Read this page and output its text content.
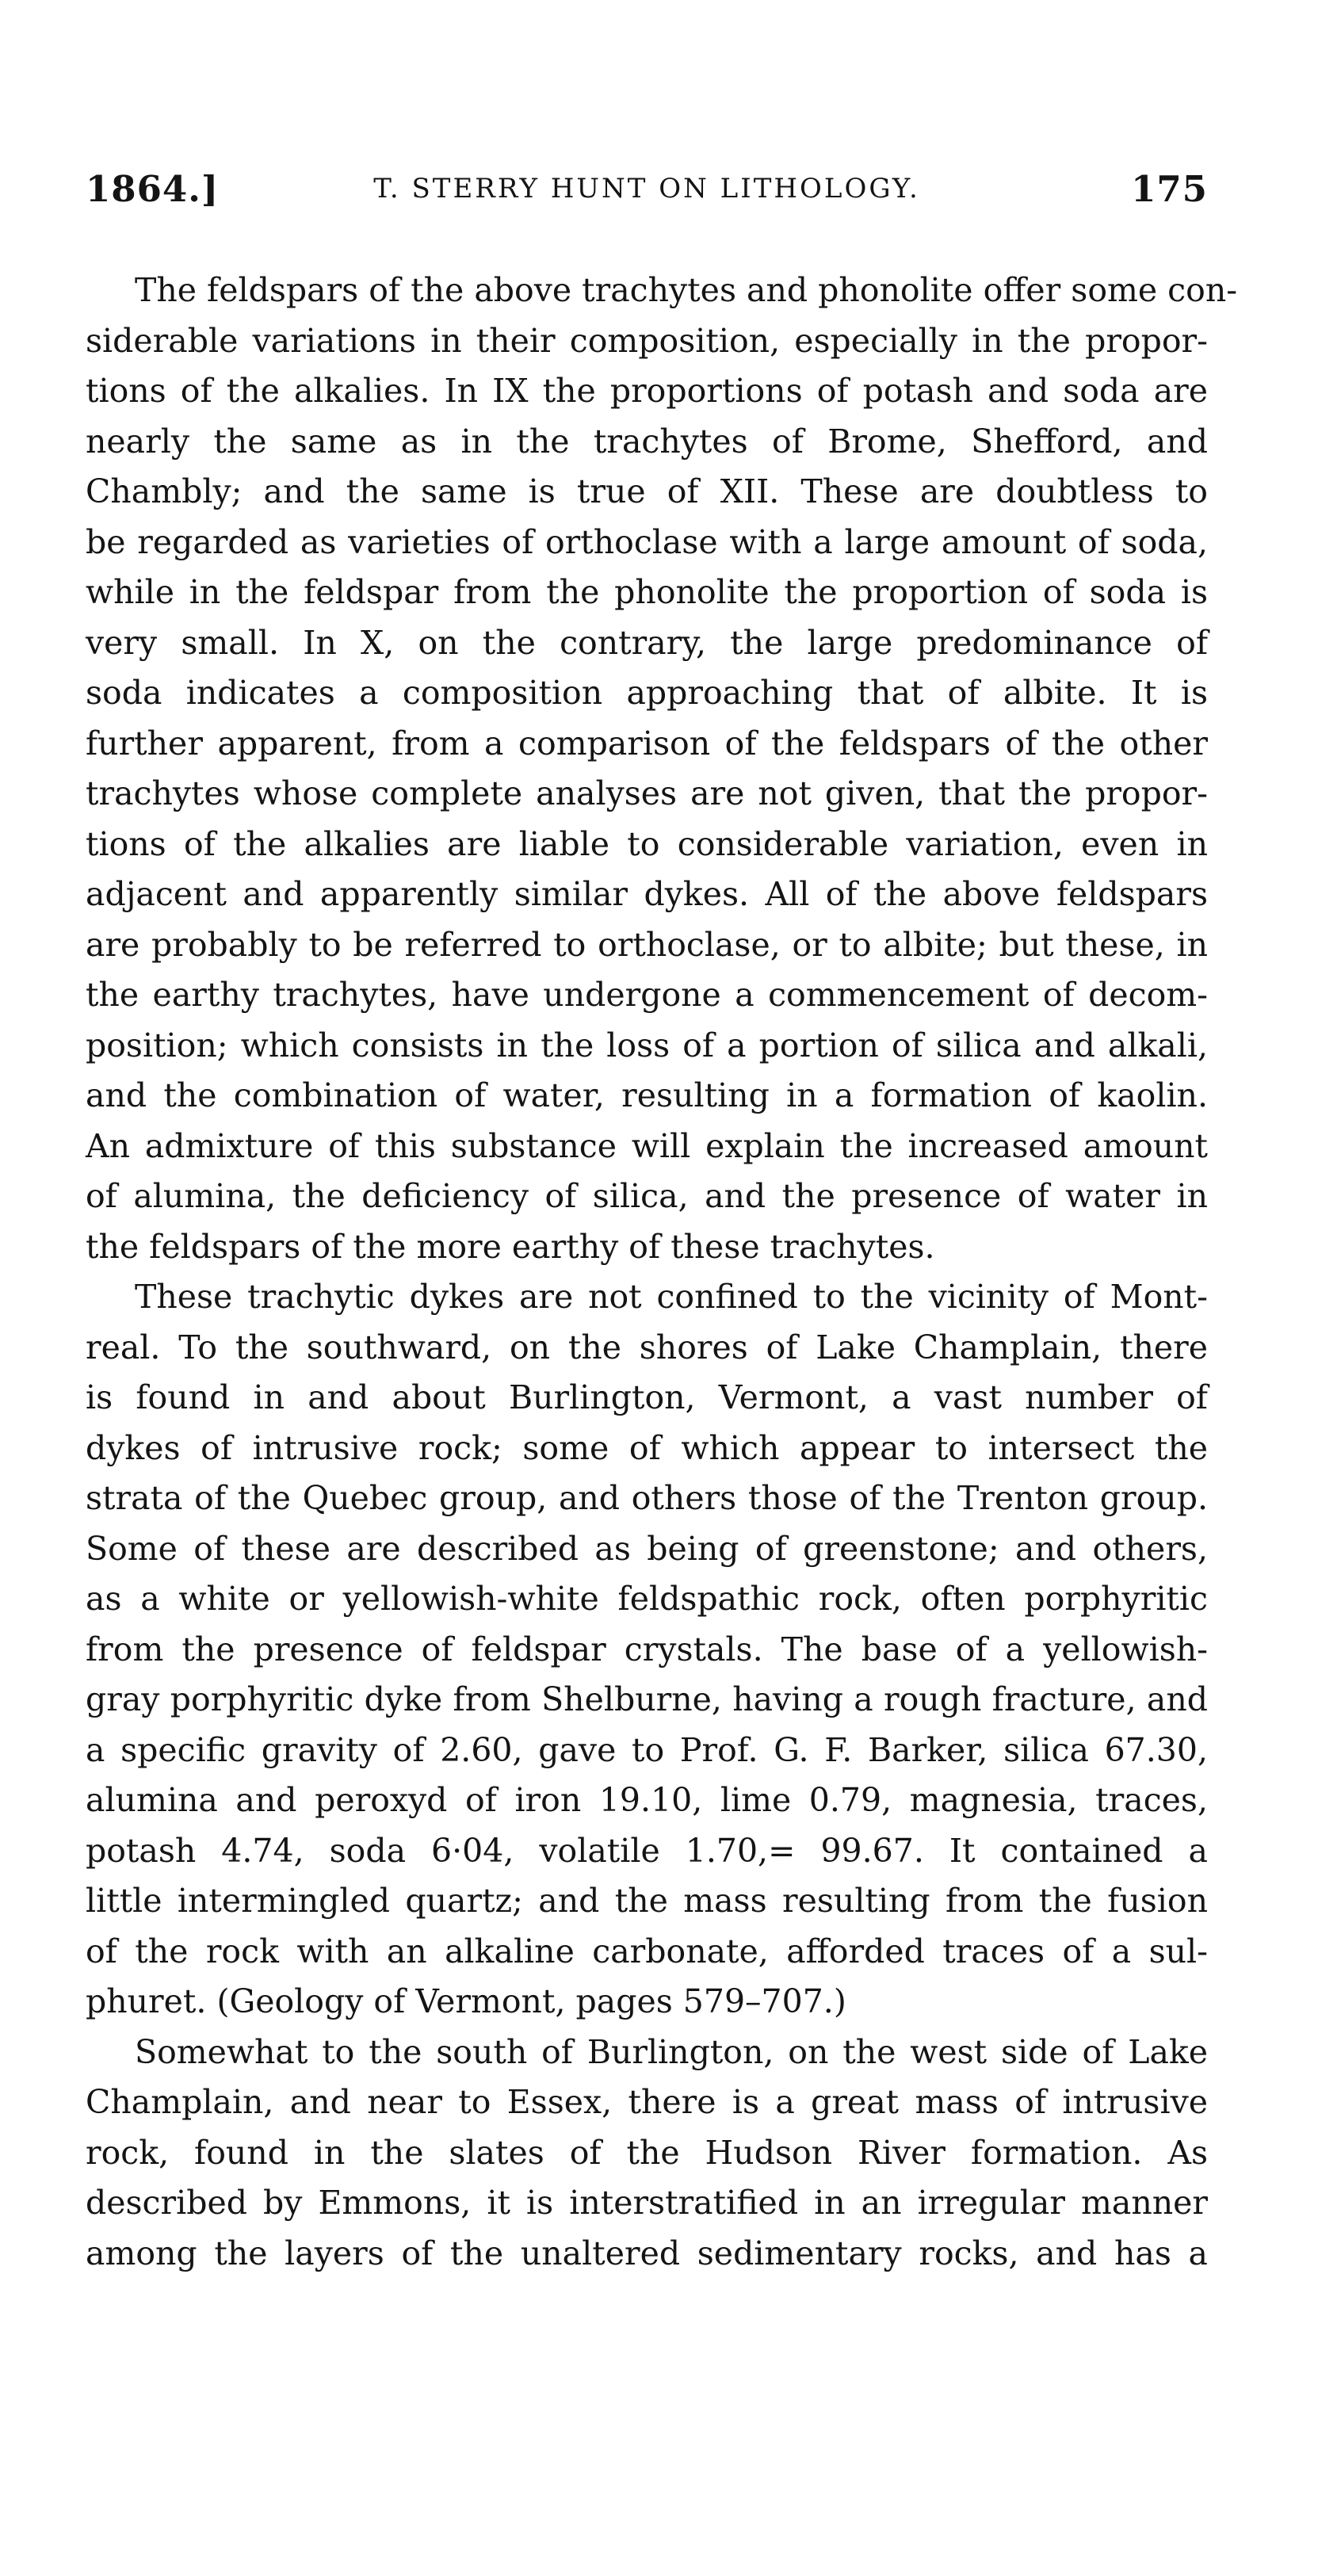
1864.]	T. STERRY HUNT ON LITHOLOGY.	175
The feldspars of the above trachytes and phonolite offer some con-
siderable variations in their composition, especially in the propor-
tions of the alkalies. In IX the proportions of potash and soda are
nearly the same as in the trachytes of Brome, Shefford, and
Chambly; and the same is true of XII. These are doubtless to
be regarded as varieties of orthoclase with a large amount of soda,
while in the feldspar from the phonolite the proportion of soda is
very small. In X, on the contrary, the large predominance of
soda indicates a composition approaching that of albite. It is
further apparent, from a comparison of the feldspars of the other
trachytes whose complete analyses are not given, that the propor-
tions of the alkalies are liable to considerable variation, even in
adjacent and apparently similar dykes. All of the above feldspars
are probably to be referred to orthoclase, or to albite; but these, in
the earthy trachytes, have undergone a commencement of decom-
position; which consists in the loss of a portion of silica and alkali,
and the combination of water, resulting in a formation of kaolin.
An admixture of this substance will explain the increased amount
of alumina, the deficiency of silica, and the presence of water in
the feldspars of the more earthy of these trachytes.
These trachytic dykes are not confined to the vicinity of Mont-
real. To the southward, on the shores of Lake Champlain, there
is found in and about Burlington, Vermont, a vast number of
dykes of intrusive rock; some of which appear to intersect the
strata of the Quebec group, and others those of the Trenton group.
Some of these are described as being of greenstone; and others,
as a white or yellowish-white feldspathic rock, often porphyritic
from the presence of feldspar crystals. The base of a yellowish-
gray porphyritic dyke from Shelburne, having a rough fracture, and
a specific gravity of 2.60, gave to Prof. G. F. Barker, silica 67.30,
alumina and peroxyd of iron 19.10, lime 0.79, magnesia, traces,
potash 4.74, soda 6·04, volatile 1.70,= 99.67. It contained a
little intermingled quartz; and the mass resulting from the fusion
of the rock with an alkaline carbonate, afforded traces of a sul-
phuret. (Geology of Vermont, pages 579–707.)
Somewhat to the south of Burlington, on the west side of Lake
Champlain, and near to Essex, there is a great mass of intrusive
rock, found in the slates of the Hudson River formation. As
described by Emmons, it is interstratified in an irregular manner
among the layers of the unaltered sedimentary rocks, and has a
